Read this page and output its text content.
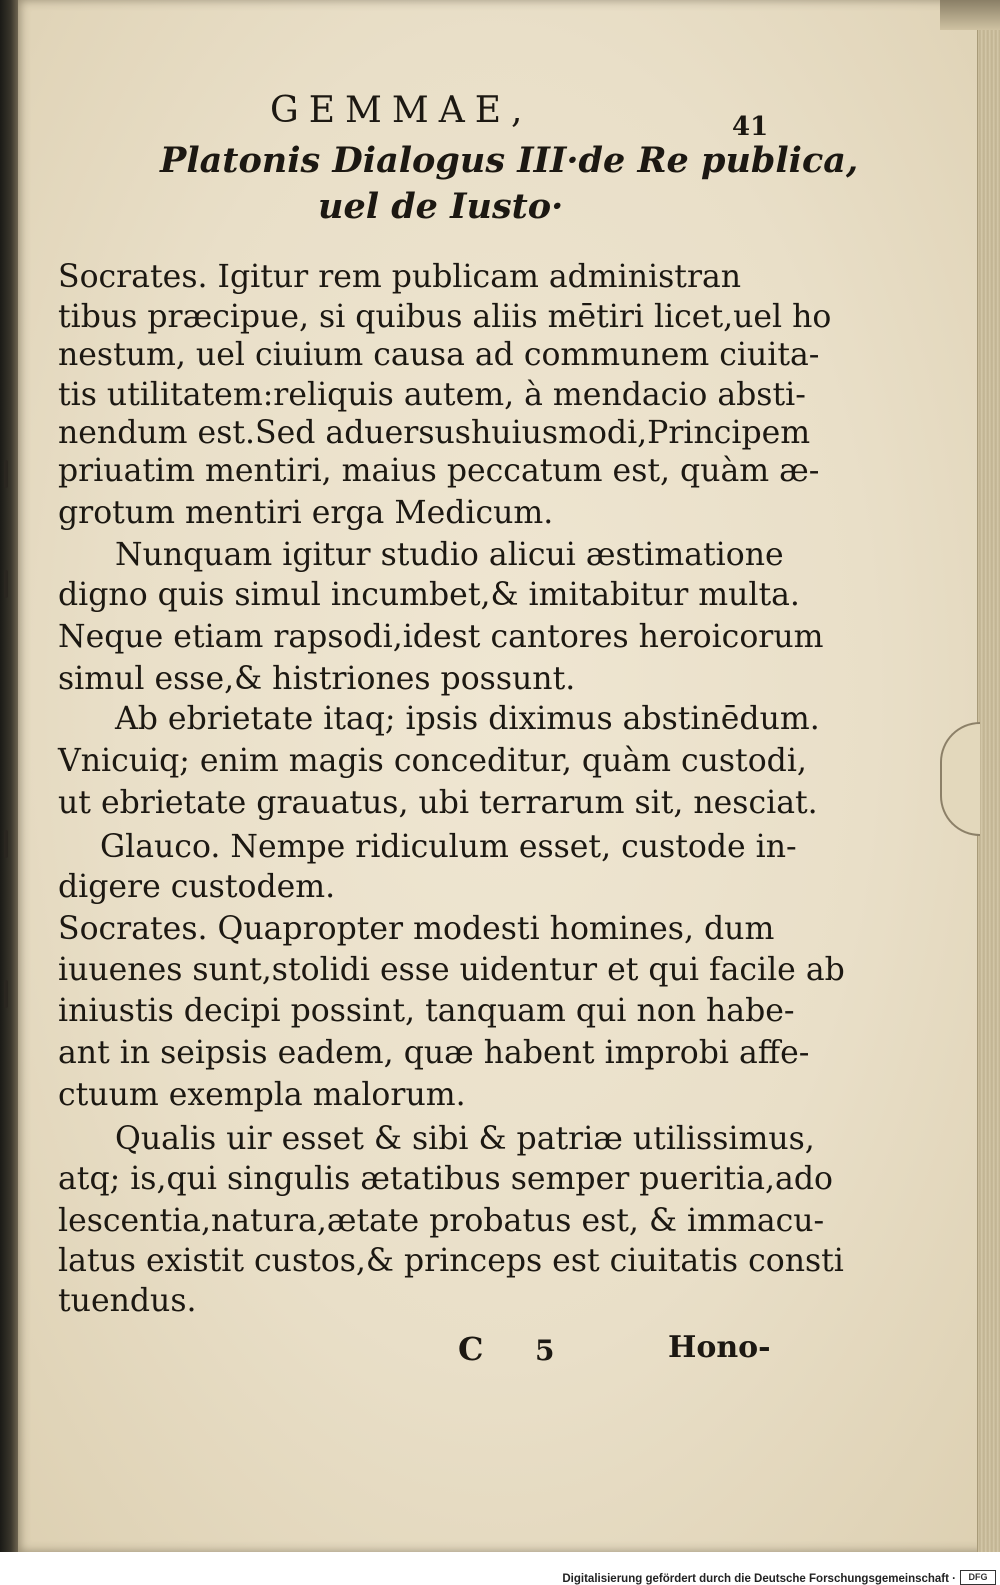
GEMMAE,	41
Platonis Dialogus III·de Re publica,
uel de Iusto·
Socrates. Igitur rem publicam administran
tibus præcipue, si quibus aliis mētiri licet,uel ho
nestum, uel ciuium causa ad communem ciuita-
tis utilitatem:reliquis autem, à mendacio absti-
nendum est.Sed aduersushuiusmodi,Principem
priuatim mentiri, maius peccatum est, quàm æ-
grotum mentiri erga Medicum.
Nunquam igitur studio alicui æstimatione
digno quis simul incumbet,& imitabitur multa.
Neque etiam rapsodi,idest cantores heroicorum
simul esse,& histriones possunt.
Ab ebrietate itaq; ipsis diximus abstinēdum.
Vnicuiq; enim magis conceditur, quàm custodi,
ut ebrietate grauatus, ubi terrarum sit, nesciat.
Glauco. Nempe ridiculum esset, custode in-
digere custodem.
Socrates. Quapropter modesti homines, dum
iuuenes sunt,stolidi esse uidentur et qui facile ab
iniustis decipi possint, tanquam qui non habe-
ant in seipsis eadem, quæ habent improbi affe-
ctuum exempla malorum.
Qualis uir esset & sibi & patriæ utilissimus,
atq; is,qui singulis ætatibus semper pueritia,ado
lescentia,natura,ætate probatus est, & immacu-
latus existit custos,& princeps est ciuitatis consti
tuendus.
C 5	Hono-
Digitalisierung gefördert durch die Deutsche Forschungsgemeinschaft ·	DFG
